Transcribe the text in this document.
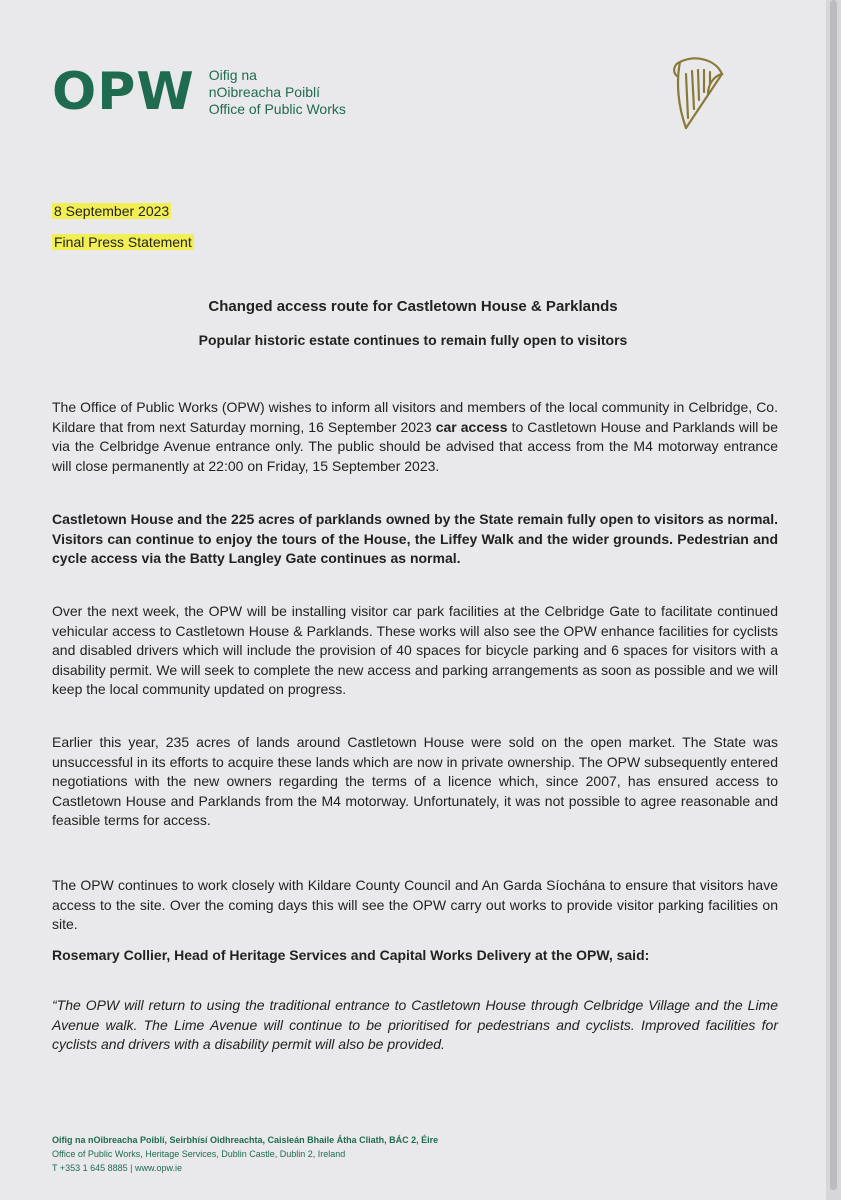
OPW Oifig na
nOibreacha Poiblí
Office of Public Works
8 September 2023
Final Press Statement
Changed access route for Castletown House & Parklands
Popular historic estate continues to remain fully open to visitors

The Office of Public Works (OPW) wishes to inform all visitors and members of the local community in Celbridge, Co. Kildare that from next Saturday morning, 16 September 2023 car access to Castletown House and Parklands will be via the Celbridge Avenue entrance only. The public should be advised that access from the M4 motorway entrance will close permanently at 22:00 on Friday, 15 September 2023.

Castletown House and the 225 acres of parklands owned by the State remain fully open to visitors as normal. Visitors can continue to enjoy the tours of the House, the Liffey Walk and the wider grounds. Pedestrian and cycle access via the Batty Langley Gate continues as normal.

Over the next week, the OPW will be installing visitor car park facilities at the Celbridge Gate to facilitate continued vehicular access to Castletown House & Parklands. These works will also see the OPW enhance facilities for cyclists and disabled drivers which will include the provision of 40 spaces for bicycle parking and 6 spaces for visitors with a disability permit. We will seek to complete the new access and parking arrangements as soon as possible and we will keep the local community updated on progress.

Earlier this year, 235 acres of lands around Castletown House were sold on the open market. The State was unsuccessful in its efforts to acquire these lands which are now in private ownership. The OPW subsequently entered negotiations with the new owners regarding the terms of a licence which, since 2007, has ensured access to Castletown House and Parklands from the M4 motorway. Unfortunately, it was not possible to agree reasonable and feasible terms for access.

The OPW continues to work closely with Kildare County Council and An Garda Síochána to ensure that visitors have access to the site. Over the coming days this will see the OPW carry out works to provide visitor parking facilities on site.

Rosemary Collier, Head of Heritage Services and Capital Works Delivery at the OPW, said:

“The OPW will return to using the traditional entrance to Castletown House through Celbridge Village and the Lime Avenue walk. The Lime Avenue will continue to be prioritised for pedestrians and cyclists. Improved facilities for cyclists and drivers with a disability permit will also be provided.

Oifig na nOibreacha Poiblí, Seirbhísí Oidhreachta, Caisleán Bhaile Átha Cliath, BÁC 2, Éire
Office of Public Works, Heritage Services, Dublin Castle, Dublin 2, Ireland
T +353 1 645 8885 | www.opw.ie
